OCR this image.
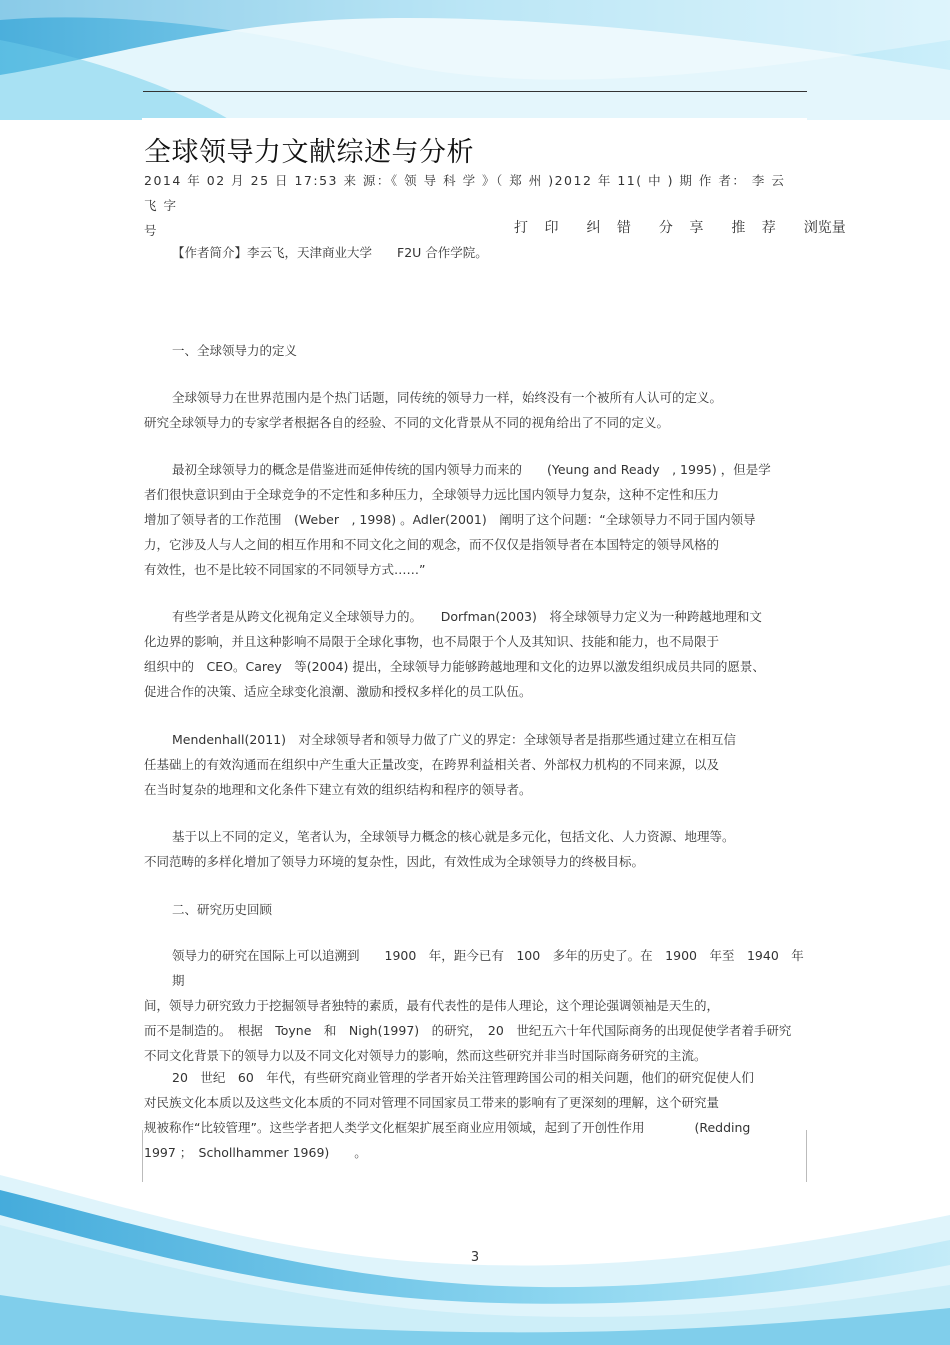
全球领导力文献综述与分析
2014 年 02 月 25 日 17:53 来 源：《 领 导 科 学 》（ 郑 州 )2012 年 11( 中 ) 期 作 者： 李 云 飞 字
号	打 印 纠 错 分 享 推 荐 浏览量
【作者简介】李云飞，天津商业大学　　F2U 合作学院。
一、全球领导力的定义
全球领导力在世界范围内是个热门话题，同传统的领导力一样，始终没有一个被所有人认可的定义。
研究全球领导力的专家学者根据各自的经验、不同的文化背景从不同的视角给出了不同的定义。
最初全球领导力的概念是借鉴进而延伸传统的国内领导力而来的　　(Yeung and Ready　, 1995) ，但是学
者们很快意识到由于全球竞争的不定性和多种压力，全球领导力远比国内领导力复杂，这种不定性和压力
增加了领导者的工作范围　(Weber　, 1998) 。Adler(2001)　阐明了这个问题：“全球领导力不同于国内领导
力，它涉及人与人之间的相互作用和不同文化之间的观念，而不仅仅是指领导者在本国特定的领导风格的
有效性，也不是比较不同国家的不同领导方式……”
有些学者是从跨文化视角定义全球领导力的。　　Dorfman(2003)　将全球领导力定义为一种跨越地理和文
化边界的影响，并且这种影响不局限于全球化事物，也不局限于个人及其知识、技能和能力，也不局限于
组织中的　CEO。Carey　等(2004) 提出，全球领导力能够跨越地理和文化的边界以激发组织成员共同的愿景、
促进合作的决策、适应全球变化浪潮、激励和授权多样化的员工队伍。
Mendenhall(2011)　对全球领导者和领导力做了广义的界定：全球领导者是指那些通过建立在相互信
任基础上的有效沟通而在组织中产生重大正量改变，在跨界利益相关者、外部权力机构的不同来源，以及
在当时复杂的地理和文化条件下建立有效的组织结构和程序的领导者。
基于以上不同的定义，笔者认为，全球领导力概念的核心就是多元化，包括文化、人力资源、地理等。
不同范畴的多样化增加了领导力环境的复杂性，因此，有效性成为全球领导力的终极目标。
二、研究历史回顾
领导力的研究在国际上可以追溯到　　1900　年，距今已有　100　多年的历史了。在　1900　年至　1940　年期
间，领导力研究致力于挖掘领导者独特的素质，最有代表性的是伟人理论，这个理论强调领袖是天生的，
而不是制造的。　根据　Toyne　和　Nigh(1997)　的研究，　20　世纪五六十年代国际商务的出现促使学者着手研究
不同文化背景下的领导力以及不同文化对领导力的影响，然而这些研究并非当时国际商务研究的主流。
20　世纪　60　年代，有些研究商业管理的学者开始关注管理跨国公司的相关问题，他们的研究促使人们
对民族文化本质以及这些文化本质的不同对管理不同国家员工带来的影响有了更深刻的理解，这个研究量
规被称作“比较管理”。这些学者把人类学文化框架扩展至商业应用领域，起到了开创性作用　　　　(Redding
1997 ；　Schollhammer 1969)　　。
3
